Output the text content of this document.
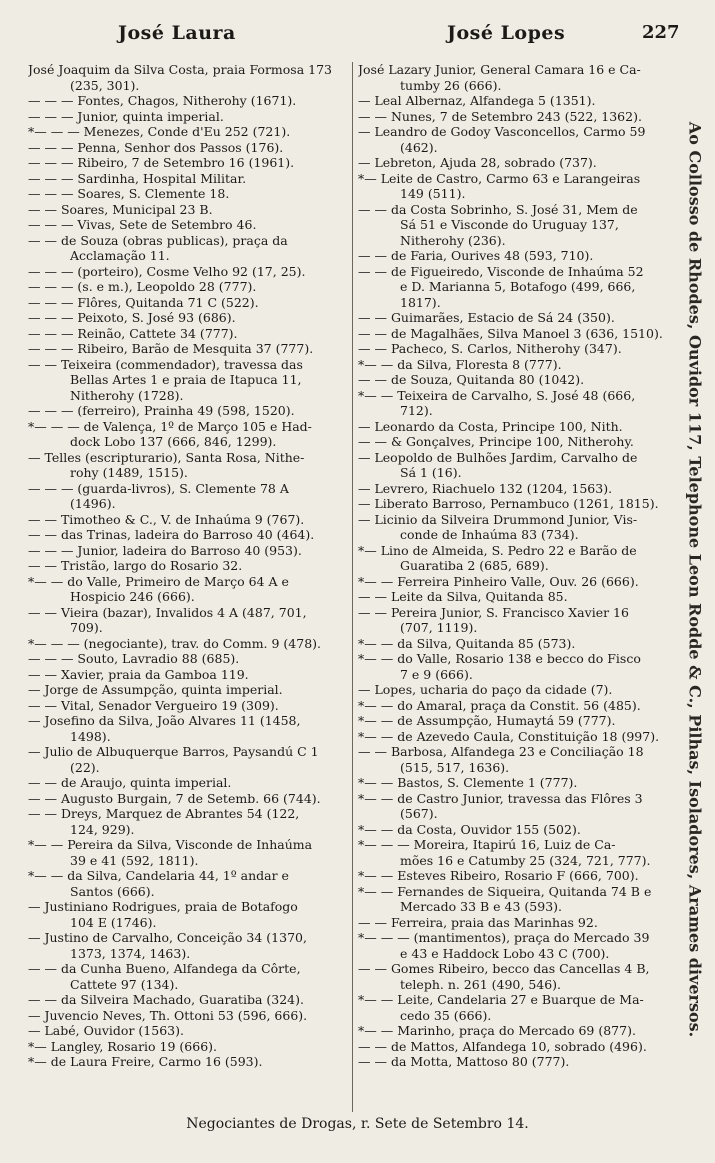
José Laura	José Lopes	227
José Joaquim da Silva Costa, praia Formosa 173
(235, 301).
— — — Fontes, Chagos, Nitherohy (1671).
— — — Junior, quinta imperial.
*— — — Menezes, Conde d'Eu 252 (721).
— — — Penna, Senhor dos Passos (176).
— — — Ribeiro, 7 de Setembro 16 (1961).
— — — Sardinha, Hospital Militar.
— — — Soares, S. Clemente 18.
— — Soares, Municipal 23 B.
— — — Vivas, Sete de Setembro 46.
— — de Souza (obras publicas), praça da
Acclamação 11.
— — — (porteiro), Cosme Velho 92 (17, 25).
— — — (s. e m.), Leopoldo 28 (777).
— — — Flôres, Quitanda 71 C (522).
— — — Peixoto, S. José 93 (686).
— — — Reinão, Cattete 34 (777).
— — — Ribeiro, Barão de Mesquita 37 (777).
— — Teixeira (commendador), travessa das
Bellas Artes 1 e praia de Itapuca 11,
Nitherohy (1728).
— — — (ferreiro), Prainha 49 (598, 1520).
*— — — de Valença, 1º de Março 105 e Had-
dock Lobo 137 (666, 846, 1299).
— Telles (escripturario), Santa Rosa, Nithe-
rohy (1489, 1515).
— — — (guarda-livros), S. Clemente 78 A
(1496).
— — Timotheo & C., V. de Inhaúma 9 (767).
— — das Trinas, ladeira do Barroso 40 (464).
— — — Junior, ladeira do Barroso 40 (953).
— — Tristão, largo do Rosario 32.
*— — do Valle, Primeiro de Março 64 A e
Hospicio 246 (666).
— — Vieira (bazar), Invalidos 4 A (487, 701,
709).
*— — — (negociante), trav. do Comm. 9 (478).
— — — Souto, Lavradio 88 (685).
— — Xavier, praia da Gamboa 119.
— Jorge de Assumpção, quinta imperial.
— — Vital, Senador Vergueiro 19 (309).
— Josefino da Silva, João Alvares 11 (1458,
1498).
— Julio de Albuquerque Barros, Paysandú C 1
(22).
— — de Araujo, quinta imperial.
— — Augusto Burgain, 7 de Setemb. 66 (744).
— — Dreys, Marquez de Abrantes 54 (122,
124, 929).
*— — Pereira da Silva, Visconde de Inhaúma
39 e 41 (592, 1811).
*— — da Silva, Candelaria 44, 1º andar e
Santos (666).
— Justiniano Rodrigues, praia de Botafogo
104 E (1746).
— Justino de Carvalho, Conceição 34 (1370,
1373, 1374, 1463).
— — da Cunha Bueno, Alfandega da Côrte,
Cattete 97 (134).
— — da Silveira Machado, Guaratiba (324).
— Juvencio Neves, Th. Ottoni 53 (596, 666).
— Labé, Ouvidor (1563).
*— Langley, Rosario 19 (666).
*— de Laura Freire, Carmo 16 (593).
José Lazary Junior, General Camara 16 e Ca-
tumby 26 (666).
— Leal Albernaz, Alfandega 5 (1351).
— — Nunes, 7 de Setembro 243 (522, 1362).
— Leandro de Godoy Vasconcellos, Carmo 59
(462).
— Lebreton, Ajuda 28, sobrado (737).
*— Leite de Castro, Carmo 63 e Larangeiras
149 (511).
— — da Costa Sobrinho, S. José 31, Mem de
Sá 51 e Visconde do Uruguay 137,
Nitherohy (236).
— — de Faria, Ourives 48 (593, 710).
— — de Figueiredo, Visconde de Inhaúma 52
e D. Marianna 5, Botafogo (499, 666,
1817).
— — Guimarães, Estacio de Sá 24 (350).
— — de Magalhães, Silva Manoel 3 (636, 1510).
— — Pacheco, S. Carlos, Nitherohy (347).
*— — da Silva, Floresta 8 (777).
— — de Souza, Quitanda 80 (1042).
*— — Teixeira de Carvalho, S. José 48 (666,
712).
— Leonardo da Costa, Principe 100, Nith.
— — & Gonçalves, Principe 100, Nitherohy.
— Leopoldo de Bulhões Jardim, Carvalho de
Sá 1 (16).
— Levrero, Riachuelo 132 (1204, 1563).
— Liberato Barroso, Pernambuco (1261, 1815).
— Licinio da Silveira Drummond Junior, Vis-
conde de Inhaúma 83 (734).
*— Lino de Almeida, S. Pedro 22 e Barão de
Guaratiba 2 (685, 689).
*— — Ferreira Pinheiro Valle, Ouv. 26 (666).
— — Leite da Silva, Quitanda 85.
— — Pereira Junior, S. Francisco Xavier 16
(707, 1119).
*— — da Silva, Quitanda 85 (573).
*— — do Valle, Rosario 138 e becco do Fisco
7 e 9 (666).
— Lopes, ucharia do paço da cidade (7).
*— — do Amaral, praça da Constit. 56 (485).
*— — de Assumpção, Humaytá 59 (777).
*— — de Azevedo Caula, Constituição 18 (997).
— — Barbosa, Alfandega 23 e Conciliação 18
(515, 517, 1636).
*— — Bastos, S. Clemente 1 (777).
*— — de Castro Junior, travessa das Flôres 3
(567).
*— — da Costa, Ouvidor 155 (502).
*— — — Moreira, Itapirú 16, Luiz de Ca-
mões 16 e Catumby 25 (324, 721, 777).
*— — Esteves Ribeiro, Rosario F (666, 700).
*— — Fernandes de Siqueira, Quitanda 74 B e
Mercado 33 B e 43 (593).
— — Ferreira, praia das Marinhas 92.
*— — — (mantimentos), praça do Mercado 39
e 43 e Haddock Lobo 43 C (700).
— — Gomes Ribeiro, becco das Cancellas 4 B,
teleph. n. 261 (490, 546).
*— — Leite, Candelaria 27 e Buarque de Ma-
cedo 35 (666).
*— — Marinho, praça do Mercado 69 (877).
— — de Mattos, Alfandega 10, sobrado (496).
— — da Motta, Mattoso 80 (777).
Ao Collosso de Rhodes, Ouvidor 117, Telephone Leon Rodde & C., Pilhas, Isoladores, Arames diversos.
Negociantes de Drogas, r. Sete de Setembro 14.
